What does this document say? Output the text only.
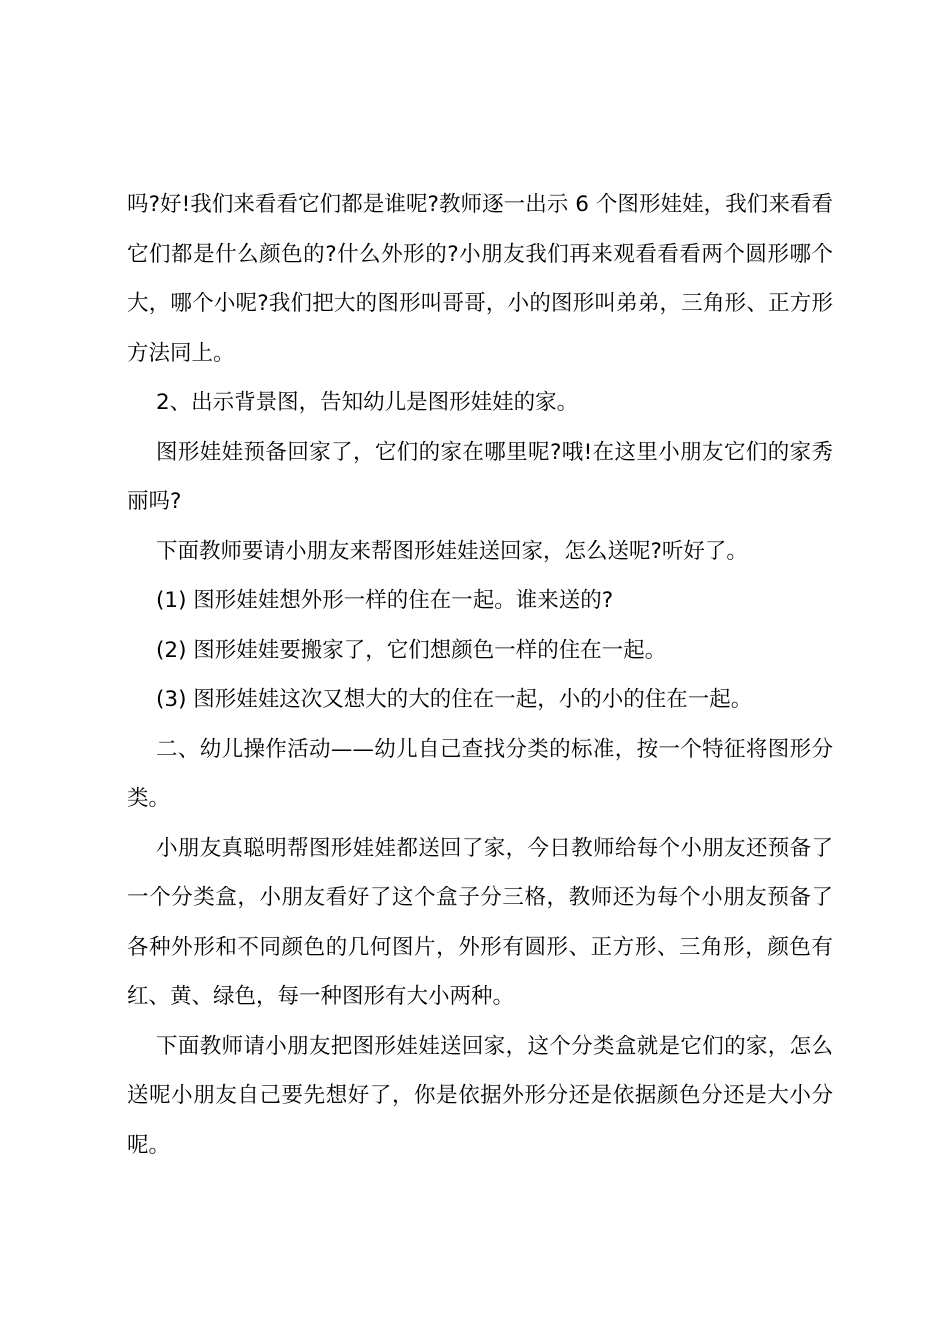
吗?好!我们来看看它们都是谁呢?教师逐一出示 6 个图形娃娃，我们来看看它们都是什么颜色的?什么外形的?小朋友我们再来观看看看两个圆形哪个大，哪个小呢?我们把大的图形叫哥哥，小的图形叫弟弟，三角形、正方形方法同上。

2、出示背景图，告知幼儿是图形娃娃的家。

图形娃娃预备回家了，它们的家在哪里呢?哦!在这里小朋友它们的家秀丽吗?

下面教师要请小朋友来帮图形娃娃送回家，怎么送呢?听好了。

(1) 图形娃娃想外形一样的住在一起。谁来送的?

(2) 图形娃娃要搬家了，它们想颜色一样的住在一起。

(3) 图形娃娃这次又想大的大的住在一起，小的小的住在一起。

二、幼儿操作活动——幼儿自己查找分类的标准，按一个特征将图形分类。

小朋友真聪明帮图形娃娃都送回了家，今日教师给每个小朋友还预备了一个分类盒，小朋友看好了这个盒子分三格，教师还为每个小朋友预备了各种外形和不同颜色的几何图片，外形有圆形、正方形、三角形，颜色有红、黄、绿色，每一种图形有大小两种。

下面教师请小朋友把图形娃娃送回家，这个分类盒就是它们的家，怎么送呢小朋友自己要先想好了，你是依据外形分还是依据颜色分还是大小分呢。
